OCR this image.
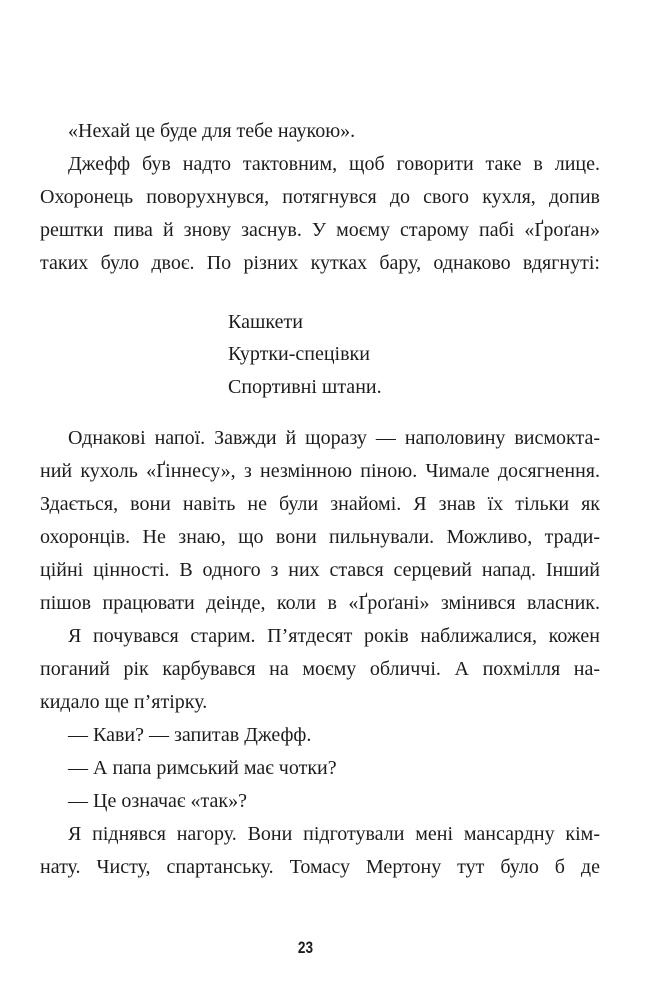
«Нехай це буде для тебе наукою».
Джефф був надто тактовним, щоб говорити таке в лице.
Охоронець поворухнувся, потягнувся до свого кухля, допив
рештки пива й знову заснув. У моєму старому пабі «Ґроґан»
таких було двоє. По різних кутках бару, однаково вдягнуті:
Кашкети
Куртки-спецівки
Спортивні штани.
Однакові напої. Завжди й щоразу — наполовину висмокта-
ний кухоль «Ґіннесу», з незмінною піною. Чимале досягнення.
Здається, вони навіть не були знайомі. Я знав їх тільки як
охоронців. Не знаю, що вони пильнували. Можливо, тради-
ційні цінності. В одного з них стався серцевий напад. Інший
пішов працювати деінде, коли в «Ґроґані» змінився власник.
Я почувався старим. П’ятдесят років наближалися, кожен
поганий рік карбувався на моєму обличчі. А похмілля на-
кидало ще п’ятірку.
— Кави? — запитав Джефф.
— А папа римський має чотки?
— Це означає «так»?
Я піднявся нагору. Вони підготували мені мансардну кім-
нату. Чисту, спартанську. Томасу Мертону тут було б де
23
